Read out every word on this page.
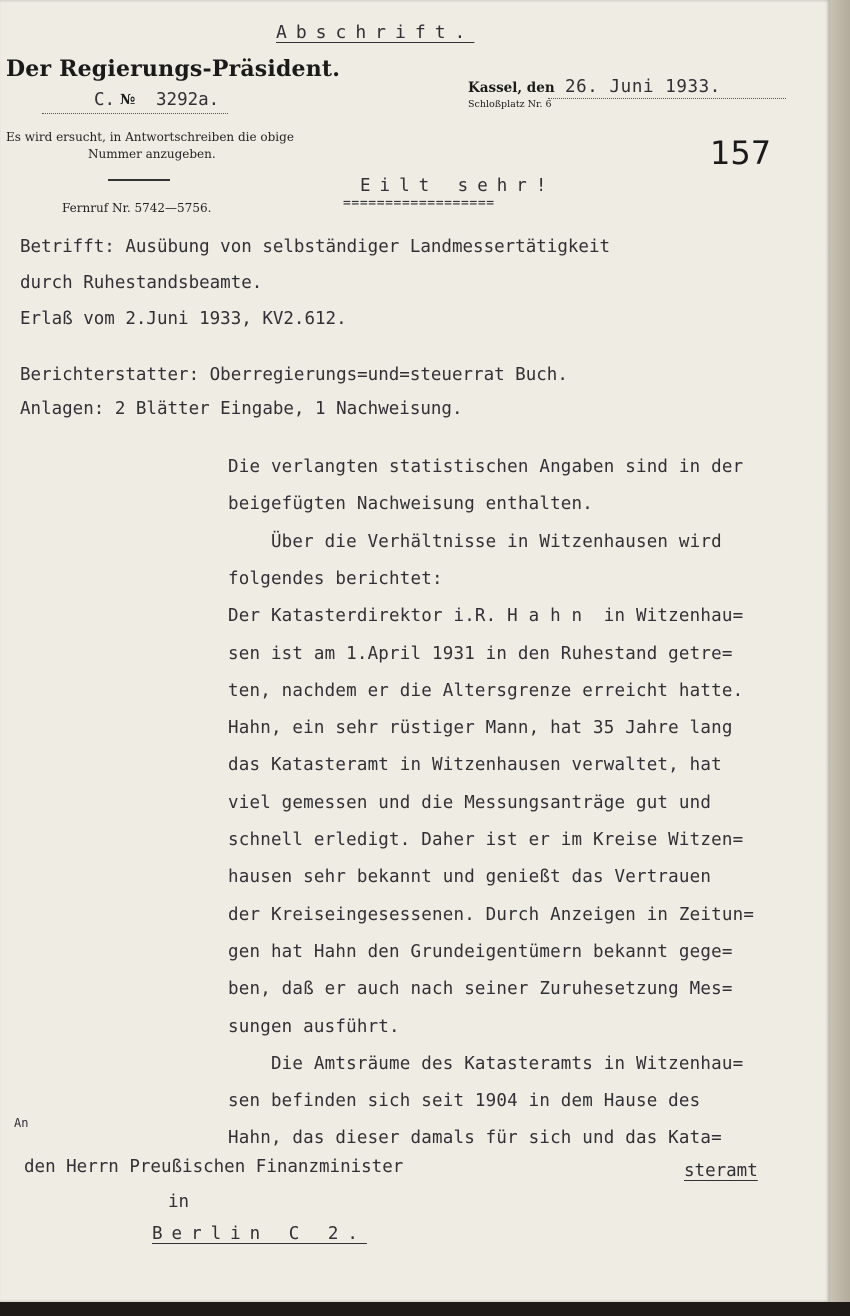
Abschrift.
Der Regierungs-Präsident.
C. № 3292a.
Es wird ersucht, in Antwortschreiben die obige
Nummer anzugeben.
Fernruf Nr. 5742—5756.
Kassel, den 26. Juni 1933.
Schloßplatz Nr. 6
157
Eilt sehr!
==================
Betrifft: Ausübung von selbständiger Landmessertätigkeit
durch Ruhestandsbeamte.
Erlaß vom 2.Juni 1933, KV2.612.
Berichterstatter: Oberregierungs=und=steuerrat Buch.
Anlagen: 2 Blätter Eingabe, 1 Nachweisung.
Die verlangten statistischen Angaben sind in der
beigefügten Nachweisung enthalten.
Über die Verhältnisse in Witzenhausen wird
folgendes berichtet:
Der Katasterdirektor i.R. H a h n  in Witzenhau=
sen ist am 1.April 1931 in den Ruhestand getre=
ten, nachdem er die Altersgrenze erreicht hatte.
Hahn, ein sehr rüstiger Mann, hat 35 Jahre lang
das Katasteramt in Witzenhausen verwaltet, hat
viel gemessen und die Messungsanträge gut und
schnell erledigt. Daher ist er im Kreise Witzen=
hausen sehr bekannt und genießt das Vertrauen
der Kreiseingesessenen. Durch Anzeigen in Zeitun=
gen hat Hahn den Grundeigentümern bekannt gege=
ben, daß er auch nach seiner Zuruhesetzung Mes=
sungen ausführt.
Die Amtsräume des Katasteramts in Witzenhau=
sen befinden sich seit 1904 in dem Hause des
Hahn, das dieser damals für sich und das Kata=
An
den Herrn Preußischen Finanzminister	steramt
in
Berlin C 2.
